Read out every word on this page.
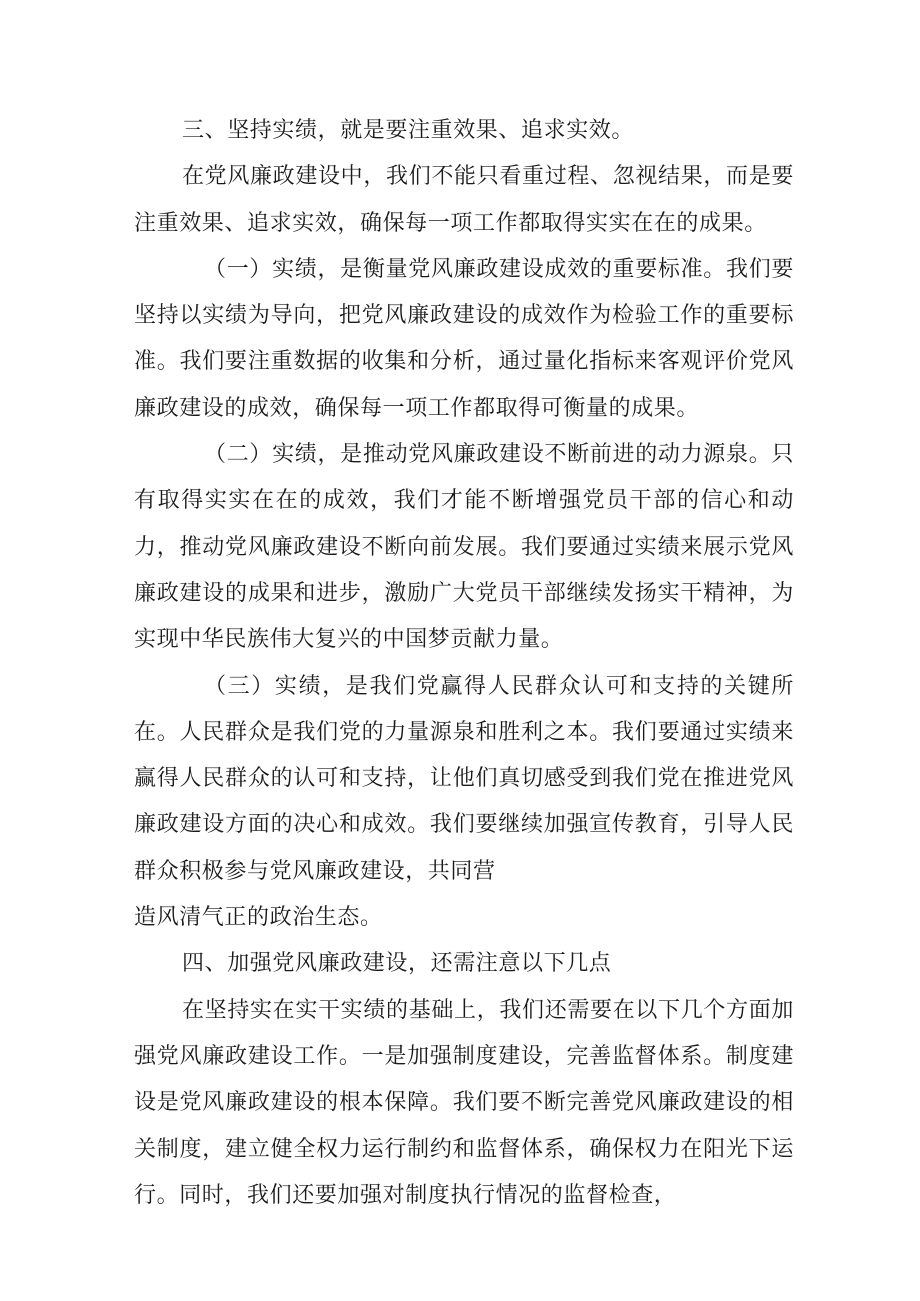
三、坚持实绩，就是要注重效果、追求实效。

在党风廉政建设中，我们不能只看重过程、忽视结果，而是要注重效果、追求实效，确保每一项工作都取得实实在在的成果。

（一）实绩，是衡量党风廉政建设成效的重要标准。我们要坚持以实绩为导向，把党风廉政建设的成效作为检验工作的重要标准。我们要注重数据的收集和分析，通过量化指标来客观评价党风廉政建设的成效，确保每一项工作都取得可衡量的成果。

（二）实绩，是推动党风廉政建设不断前进的动力源泉。只有取得实实在在的成效，我们才能不断增强党员干部的信心和动力，推动党风廉政建设不断向前发展。我们要通过实绩来展示党风廉政建设的成果和进步，激励广大党员干部继续发扬实干精神，为实现中华民族伟大复兴的中国梦贡献力量。

（三）实绩，是我们党赢得人民群众认可和支持的关键所在。人民群众是我们党的力量源泉和胜利之本。我们要通过实绩来赢得人民群众的认可和支持，让他们真切感受到我们党在推进党风廉政建设方面的决心和成效。我们要继续加强宣传教育，引导人民群众积极参与党风廉政建设，共同营

造风清气正的政治生态。

四、加强党风廉政建设，还需注意以下几点

在坚持实在实干实绩的基础上，我们还需要在以下几个方面加强党风廉政建设工作。一是加强制度建设，完善监督体系。制度建设是党风廉政建设的根本保障。我们要不断完善党风廉政建设的相关制度，建立健全权力运行制约和监督体系，确保权力在阳光下运行。同时，我们还要加强对制度执行情况的监督检查，
